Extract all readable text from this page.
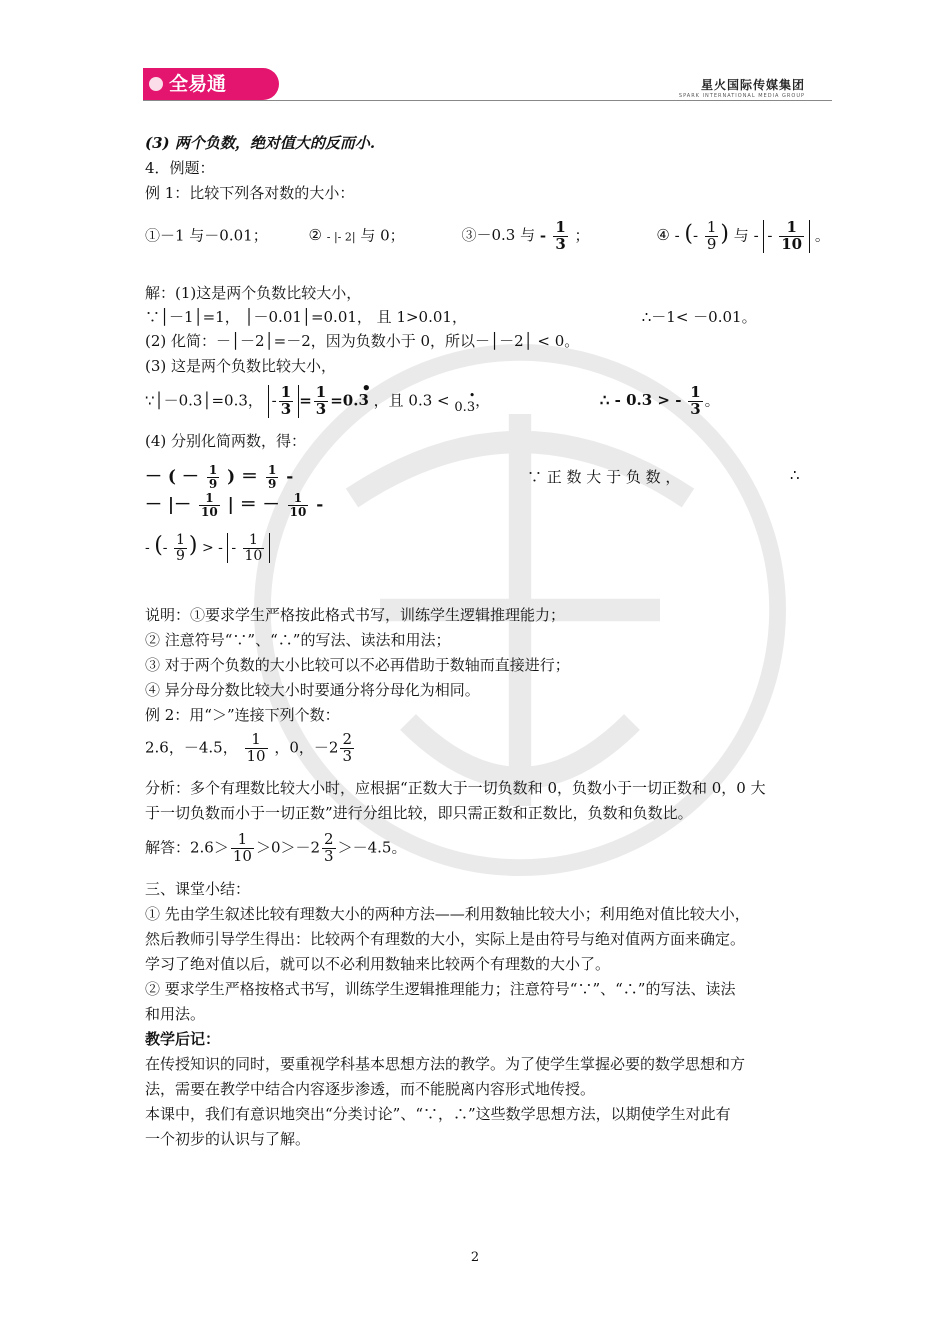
全易通	星火国际传媒集团
SPARK INTERNATIONAL MEDIA GROUP
(3) 两个负数，绝对值大的反而小.
4．例题：
例 1：比较下列各对数的大小：
①－1 与－0.01；	② - |- 2| 与 0；	③－0.3 与 - $\frac{1}{3}$ ；	④ - (- $\frac{1}{9}$ ) 与 - - $\frac{1}{10}$ 。
解：(1)这是两个负数比较大小，
∵│－1│=1， │－0.01│=0.01， 且 1>0.01，	∴－1< －0.01。
(2) 化简：－│－2│=－2，因为负数小于 0，所以－│－2│ < 0。
(3) 这是两个负数比较大小，
∵│－0.3│=0.3， - $\frac{1}{3} = \frac{1}{3} =0.3$
•
，且 0.3 < 0.3
• ，	∴ - 0.3 > - $\frac{1}{3}$ 。
(4) 分别化简两数，得：
－ ( － $\frac{1}{9}$ ) ＝ $\frac{1}{9}$ -	∵ 正 数 大 于 负 数 ，	∴
－ |－ $\frac{1}{10}$ | ＝ － $\frac{1}{10}$ -
- (- $\frac{1}{9}$ ) > - - $\frac{1}{10}$
说明：①要求学生严格按此格式书写，训练学生逻辑推理能力；
② 注意符号“∵”、“∴”的写法、读法和用法；
③ 对于两个负数的大小比较可以不必再借助于数轴而直接进行；
④ 异分母分数比较大小时要通分将分母化为相同。
例 2：用“＞”连接下列个数：
2.6，－4.5， $\frac{1}{10}$ ，0，$-2 \frac{2}{3}$
分析：多个有理数比较大小时，应根据“正数大于一切负数和 0，负数小于一切正数和 0，0 大
于一切负数而小于一切正数”进行分组比较，即只需正数和正数比，负数和负数比。
解答：$2.6> \frac{1}{10} >0>-2 \frac{2}{3} >-4.5$。
三、课堂小结：
① 先由学生叙述比较有理数大小的两种方法——利用数轴比较大小；利用绝对值比较大小，
然后教师引导学生得出：比较两个有理数的大小，实际上是由符号与绝对值两方面来确定。
学习了绝对值以后，就可以不必利用数轴来比较两个有理数的大小了。
② 要求学生严格按格式书写，训练学生逻辑推理能力；注意符号“∵”、“∴”的写法、读法
和用法。
教学后记：
在传授知识的同时，要重视学科基本思想方法的教学。为了使学生掌握必要的数学思想和方
法，需要在教学中结合内容逐步渗透，而不能脱离内容形式地传授。
本课中，我们有意识地突出“分类讨论”、“∵，∴”这些数学思想方法，以期使学生对此有
一个初步的认识与了解。
2
